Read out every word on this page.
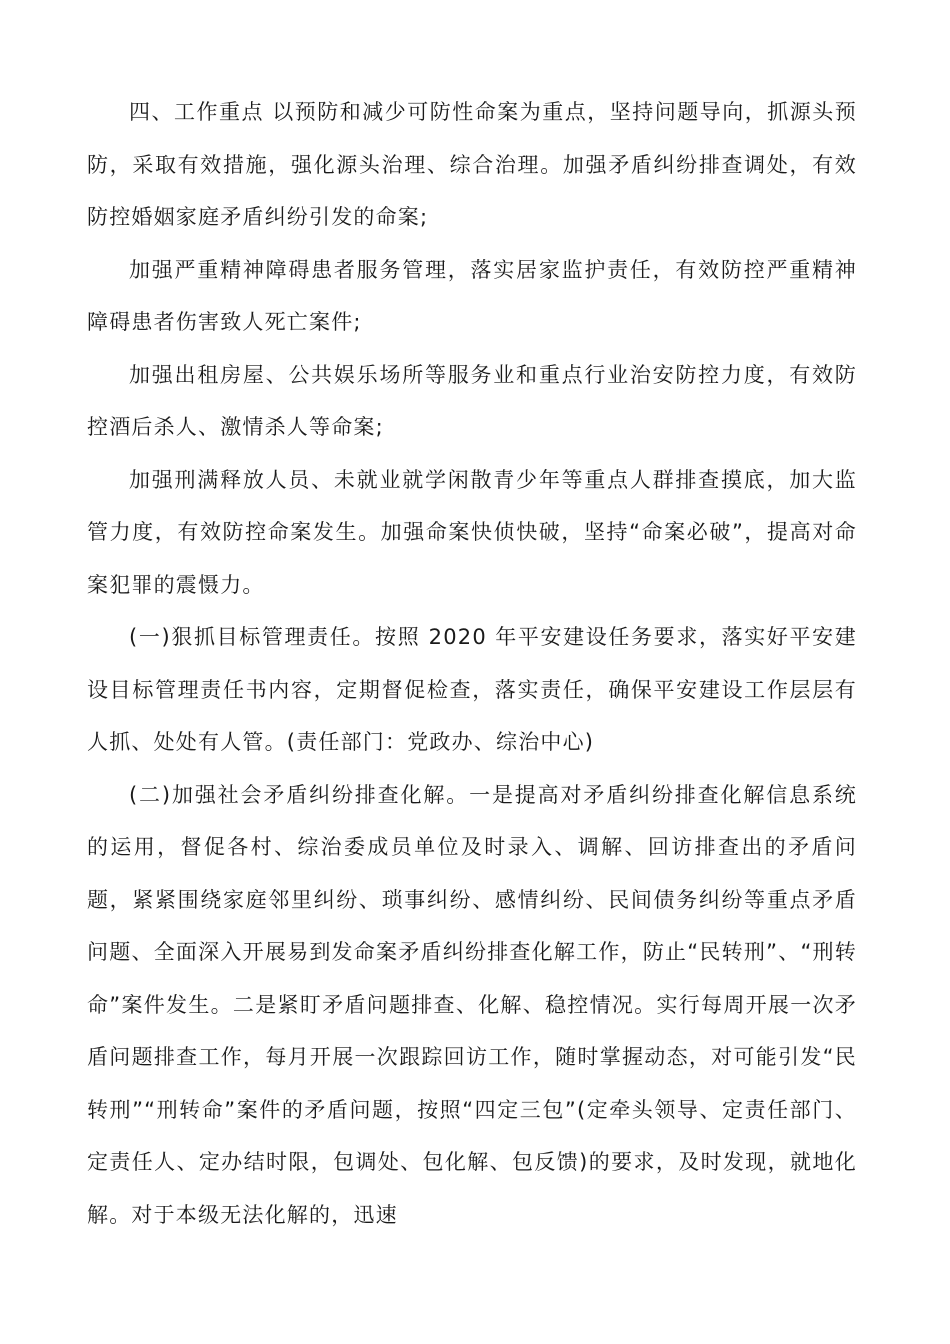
四、工作重点 以预防和减少可防性命案为重点，坚持问题导向，抓源头预防，采取有效措施，强化源头治理、综合治理。加强矛盾纠纷排查调处，有效防控婚姻家庭矛盾纠纷引发的命案;

加强严重精神障碍患者服务管理，落实居家监护责任，有效防控严重精神障碍患者伤害致人死亡案件;

加强出租房屋、公共娱乐场所等服务业和重点行业治安防控力度，有效防控酒后杀人、激情杀人等命案;

加强刑满释放人员、未就业就学闲散青少年等重点人群排查摸底，加大监管力度，有效防控命案发生。加强命案快侦快破，坚持“命案必破”，提高对命案犯罪的震慑力。

(一)狠抓目标管理责任。按照 2020 年平安建设任务要求，落实好平安建设目标管理责任书内容，定期督促检查，落实责任，确保平安建设工作层层有人抓、处处有人管。(责任部门：党政办、综治中心)

(二)加强社会矛盾纠纷排查化解。一是提高对矛盾纠纷排查化解信息系统的运用，督促各村、综治委成员单位及时录入、调解、回访排查出的矛盾问题，紧紧围绕家庭邻里纠纷、琐事纠纷、感情纠纷、民间债务纠纷等重点矛盾问题、全面深入开展易到发命案矛盾纠纷排查化解工作，防止“民转刑”、“刑转命”案件发生。二是紧盯矛盾问题排查、化解、稳控情况。实行每周开展一次矛盾问题排查工作，每月开展一次跟踪回访工作，随时掌握动态，对可能引发“民转刑”“刑转命”案件的矛盾问题，按照“四定三包”(定牵头领导、定责任部门、定责任人、定办结时限，包调处、包化解、包反馈)的要求，及时发现，就地化解。对于本级无法化解的，迅速
